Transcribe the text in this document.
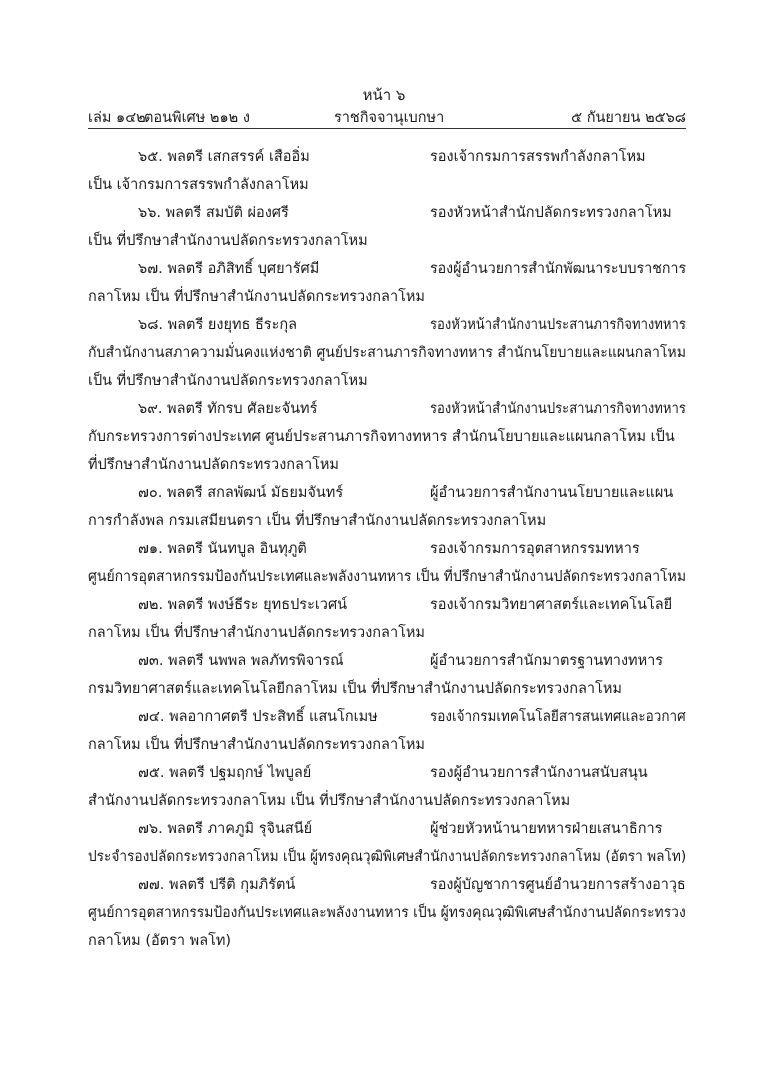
หน้า ๖
เล่ม ๑๔๒
ตอนพิเศษ ๒๑๒ ง	ราชกิจจานุเบกษา	๕ กันยายน ๒๕๖๘
๖๕. พลตรี เสกสรรค์ เสืออิ่ม	รองเจ้ากรมการสรรพกำลังกลาโหม
เป็น เจ้ากรมการสรรพกำลังกลาโหม
๖๖. พลตรี สมบัติ ผ่องศรี	รองหัวหน้าสำนักปลัดกระทรวงกลาโหม
เป็น ที่ปรึกษาสำนักงานปลัดกระทรวงกลาโหม
๖๗. พลตรี อภิสิทธิ์ บุศยารัศมี	รองผู้อำนวยการสำนักพัฒนาระบบราชการ
กลาโหม เป็น ที่ปรึกษาสำนักงานปลัดกระทรวงกลาโหม
๖๘. พลตรี ยงยุทธ ธีระกุล	รองหัวหน้าสำนักงานประสานภารกิจทางทหาร
กับสำนักงานสภาความมั่นคงแห่งชาติ ศูนย์ประสานภารกิจทางทหาร สำนักนโยบายและแผนกลาโหม
เป็น ที่ปรึกษาสำนักงานปลัดกระทรวงกลาโหม
๖๙. พลตรี ทักรบ ศัลยะจันทร์	รองหัวหน้าสำนักงานประสานภารกิจทางทหาร
กับกระทรวงการต่างประเทศ ศูนย์ประสานภารกิจทางทหาร สำนักนโยบายและแผนกลาโหม เป็น
ที่ปรึกษาสำนักงานปลัดกระทรวงกลาโหม
๗๐. พลตรี สกลพัฒน์ มัธยมจันทร์	ผู้อำนวยการสำนักงานนโยบายและแผน
การกำลังพล กรมเสมียนตรา เป็น ที่ปรึกษาสำนักงานปลัดกระทรวงกลาโหม
๗๑. พลตรี นันทบูล อินทุภูติ	รองเจ้ากรมการอุตสาหกรรมทหาร
ศูนย์การอุตสาหกรรมป้องกันประเทศและพลังงานทหาร เป็น ที่ปรึกษาสำนักงานปลัดกระทรวงกลาโหม
๗๒. พลตรี พงษ์ธีระ ยุทธประเวศน์	รองเจ้ากรมวิทยาศาสตร์และเทคโนโลยี
กลาโหม เป็น ที่ปรึกษาสำนักงานปลัดกระทรวงกลาโหม
๗๓. พลตรี นพพล พลภัทรพิจารณ์	ผู้อำนวยการสำนักมาตรฐานทางทหาร
กรมวิทยาศาสตร์และเทคโนโลยีกลาโหม เป็น ที่ปรึกษาสำนักงานปลัดกระทรวงกลาโหม
๗๔. พลอากาศตรี ประสิทธิ์ แสนโกเมษ	รองเจ้ากรมเทคโนโลยีสารสนเทศและอวกาศ
กลาโหม เป็น ที่ปรึกษาสำนักงานปลัดกระทรวงกลาโหม
๗๕. พลตรี ปฐมฤกษ์ ไพบูลย์	รองผู้อำนวยการสำนักงานสนับสนุน
สำนักงานปลัดกระทรวงกลาโหม เป็น ที่ปรึกษาสำนักงานปลัดกระทรวงกลาโหม
๗๖. พลตรี ภาคภูมิ รุจินสนีย์	ผู้ช่วยหัวหน้านายทหารฝ่ายเสนาธิการ
ประจำรองปลัดกระทรวงกลาโหม เป็น ผู้ทรงคุณวุฒิพิเศษสำนักงานปลัดกระทรวงกลาโหม (อัตรา พลโท)
๗๗. พลตรี ปรีติ กุมภิรัตน์	รองผู้บัญชาการศูนย์อำนวยการสร้างอาวุธ
ศูนย์การอุตสาหกรรมป้องกันประเทศและพลังงานทหาร เป็น ผู้ทรงคุณวุฒิพิเศษสำนักงานปลัดกระทรวง
กลาโหม (อัตรา พลโท)
